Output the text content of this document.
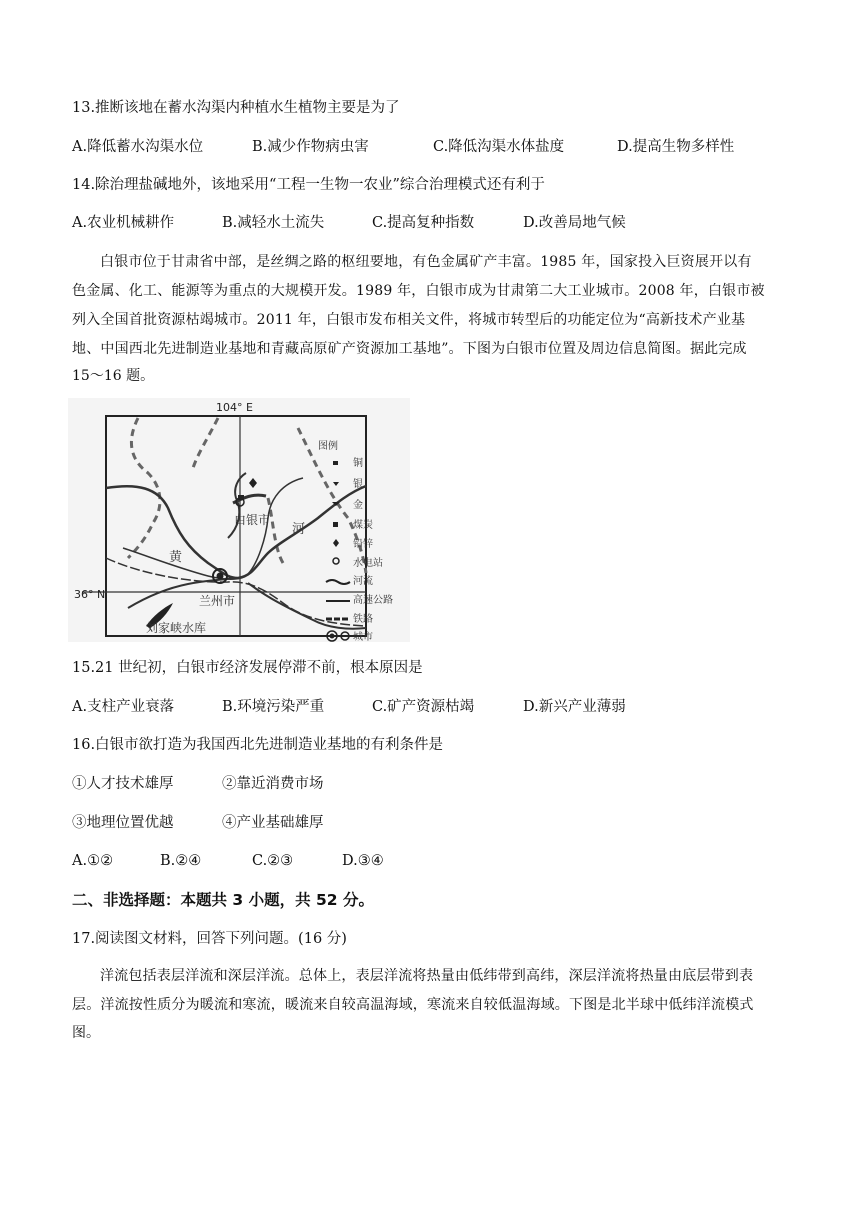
13.推断该地在蓄水沟渠内种植水生植物主要是为了
A.降低蓄水沟渠水位	B.减少作物病虫害	C.降低沟渠水体盐度	D.提高生物多样性
14.除治理盐碱地外，该地采用“工程一生物一农业”综合治理模式还有利于
A.农业机械耕作	B.减轻水土流失	C.提高复种指数	D.改善局地气候
白银市位于甘肃省中部，是丝绸之路的枢纽要地，有色金属矿产丰富。1985 年，国家投入巨资展开以有
色金属、化工、能源等为重点的大规模开发。1989 年，白银市成为甘肃第二大工业城市。2008 年，白银市被
列入全国首批资源枯竭城市。2011 年，白银市发布相关文件，将城市转型后的功能定位为“高新技术产业基
地、中国西北先进制造业基地和青藏高原矿产资源加工基地”。下图为白银市位置及周边信息简图。据此完成
15～16 题。
104° E
36° N
白银市
兰州市
刘家峡水库
黄
河
图例
铜
银
金
煤炭
铅锌
水电站
河流
高速公路
铁路
城市
15.21 世纪初，白银市经济发展停滞不前，根本原因是
A.支柱产业衰落	B.环境污染严重	C.矿产资源枯竭	D.新兴产业薄弱
16.白银市欲打造为我国西北先进制造业基地的有利条件是
①人才技术雄厚	②靠近消费市场
③地理位置优越	④产业基础雄厚
A.①②	B.②④	C.②③	D.③④
二、非选择题：本题共 3 小题，共 52 分。
17.阅读图文材料，回答下列问题。(16 分)
洋流包括表层洋流和深层洋流。总体上，表层洋流将热量由低纬带到高纬，深层洋流将热量由底层带到表
层。洋流按性质分为暖流和寒流，暖流来自较高温海域，寒流来自较低温海域。下图是北半球中低纬洋流模式
图。
